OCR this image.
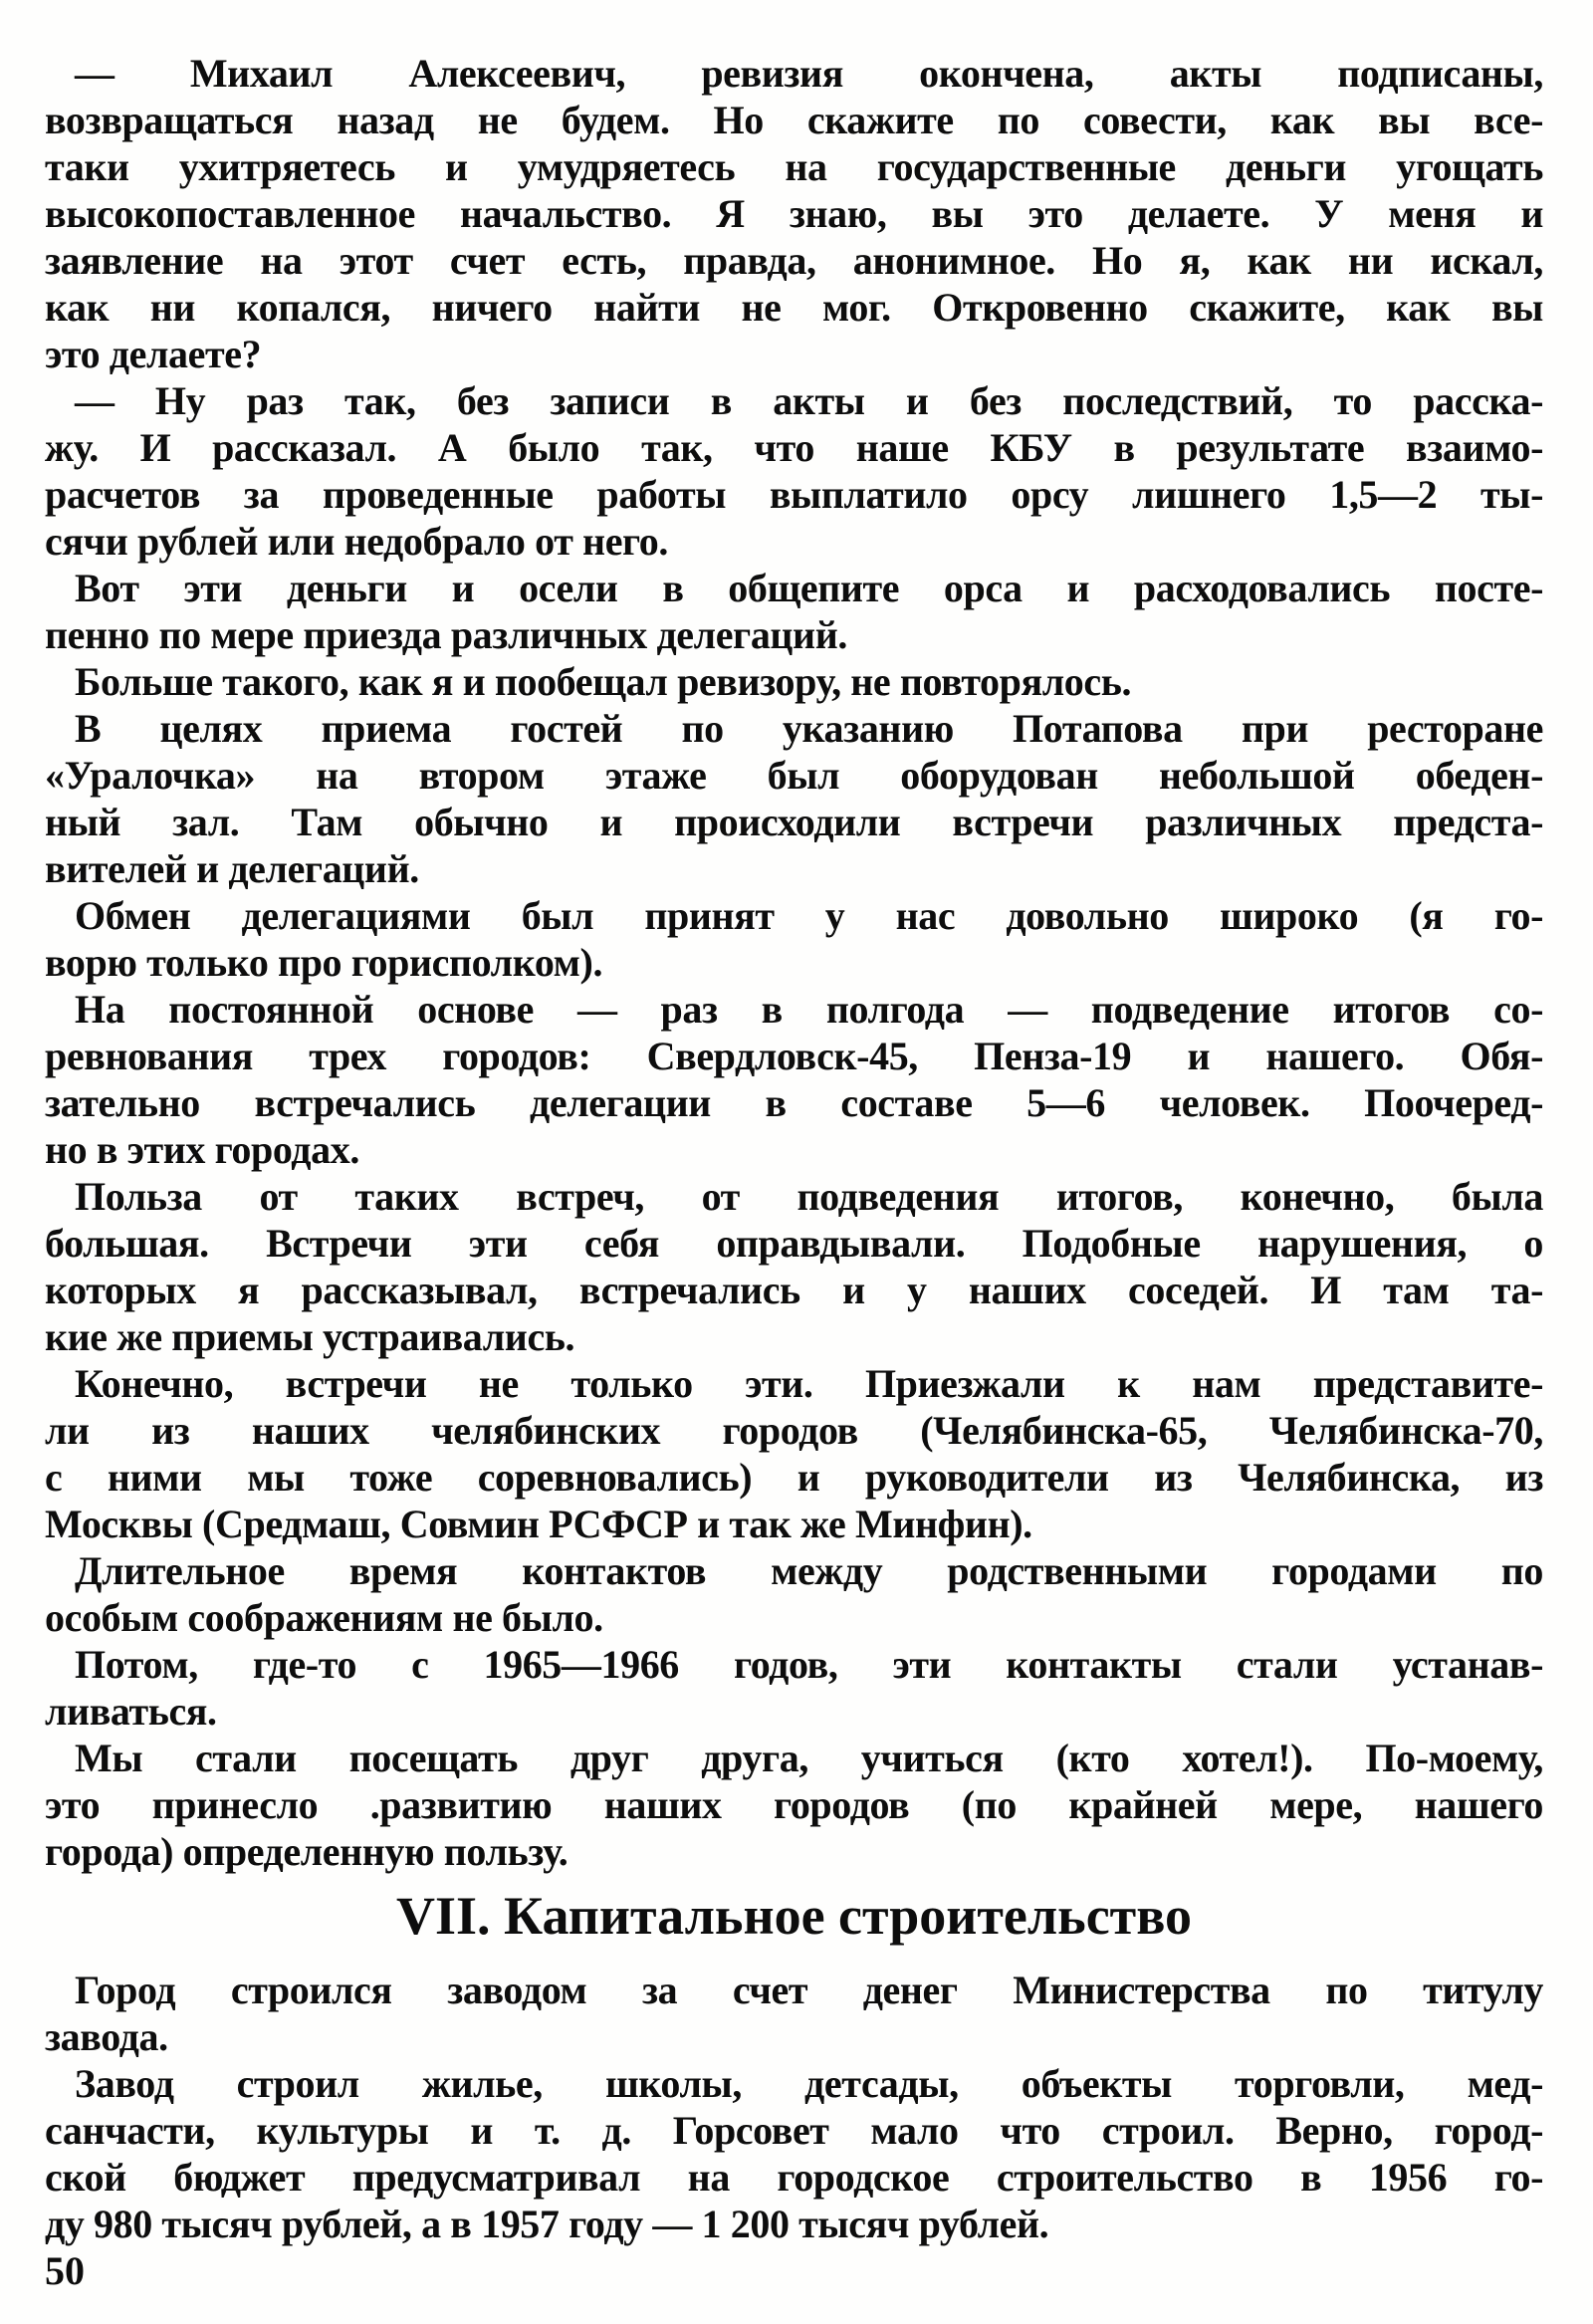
— Михаил Алексеевич, ревизия окончена, акты подписаны,
возвращаться назад не будем. Но скажите по совести, как вы все-
таки ухитряетесь и умудряетесь на государственные деньги угощать
высокопоставленное начальство. Я знаю, вы это делаете. У меня и
заявление на этот счет есть, правда, анонимное. Но я, как ни искал,
как ни копался, ничего найти не мог. Откровенно скажите, как вы
это делаете?
— Ну раз так, без записи в акты и без последствий, то расска-
жу. И рассказал. А было так, что наше КБУ в результате взаимо-
расчетов за проведенные работы выплатило орсу лишнего 1,5—2 ты-
сячи рублей или недобрало от него.
Вот эти деньги и осели в общепите орса и расходовались посте-
пенно по мере приезда различных делегаций.
Больше такого, как я и пообещал ревизору, не повторялось.
В целях приема гостей по указанию Потапова при ресторане
«Уралочка» на втором этаже был оборудован небольшой обеден-
ный зал. Там обычно и происходили встречи различных предста-
вителей и делегаций.
Обмен делегациями был принят у нас довольно широко (я го-
ворю только про горисполком).
На постоянной основе — раз в полгода — подведение итогов со-
ревнования трех городов: Свердловск-45, Пенза-19 и нашего. Обя-
зательно встречались делегации в составе 5—6 человек. Поочеред-
но в этих городах.
Польза от таких встреч, от подведения итогов, конечно, была
большая. Встречи эти себя оправдывали. Подобные нарушения, о
которых я рассказывал, встречались и у наших соседей. И там та-
кие же приемы устраивались.
Конечно, встречи не только эти. Приезжали к нам представите-
ли из наших челябинских городов (Челябинска-65, Челябинска-70,
с ними мы тоже соревновались) и руководители из Челябинска, из
Москвы (Средмаш, Совмин РСФСР и так же Минфин).
Длительное время контактов между родственными городами по
особым соображениям не было.
Потом, где-то с 1965—1966 годов, эти контакты стали устанав-
ливаться.
Мы стали посещать друг друга, учиться (кто хотел!). По-моему,
это принесло .развитию наших городов (по крайней мере, нашего
города) определенную пользу.
VII. Капитальное строительство
Город строился заводом за счет денег Министерства по титулу
завода.
Завод строил жилье, школы, детсады, объекты торговли, мед-
санчасти, культуры и т. д. Горсовет мало что строил. Верно, город-
ской бюджет предусматривал на городское строительство в 1956 го-
ду 980 тысяч рублей, а в 1957 году — 1 200 тысяч рублей.
50
